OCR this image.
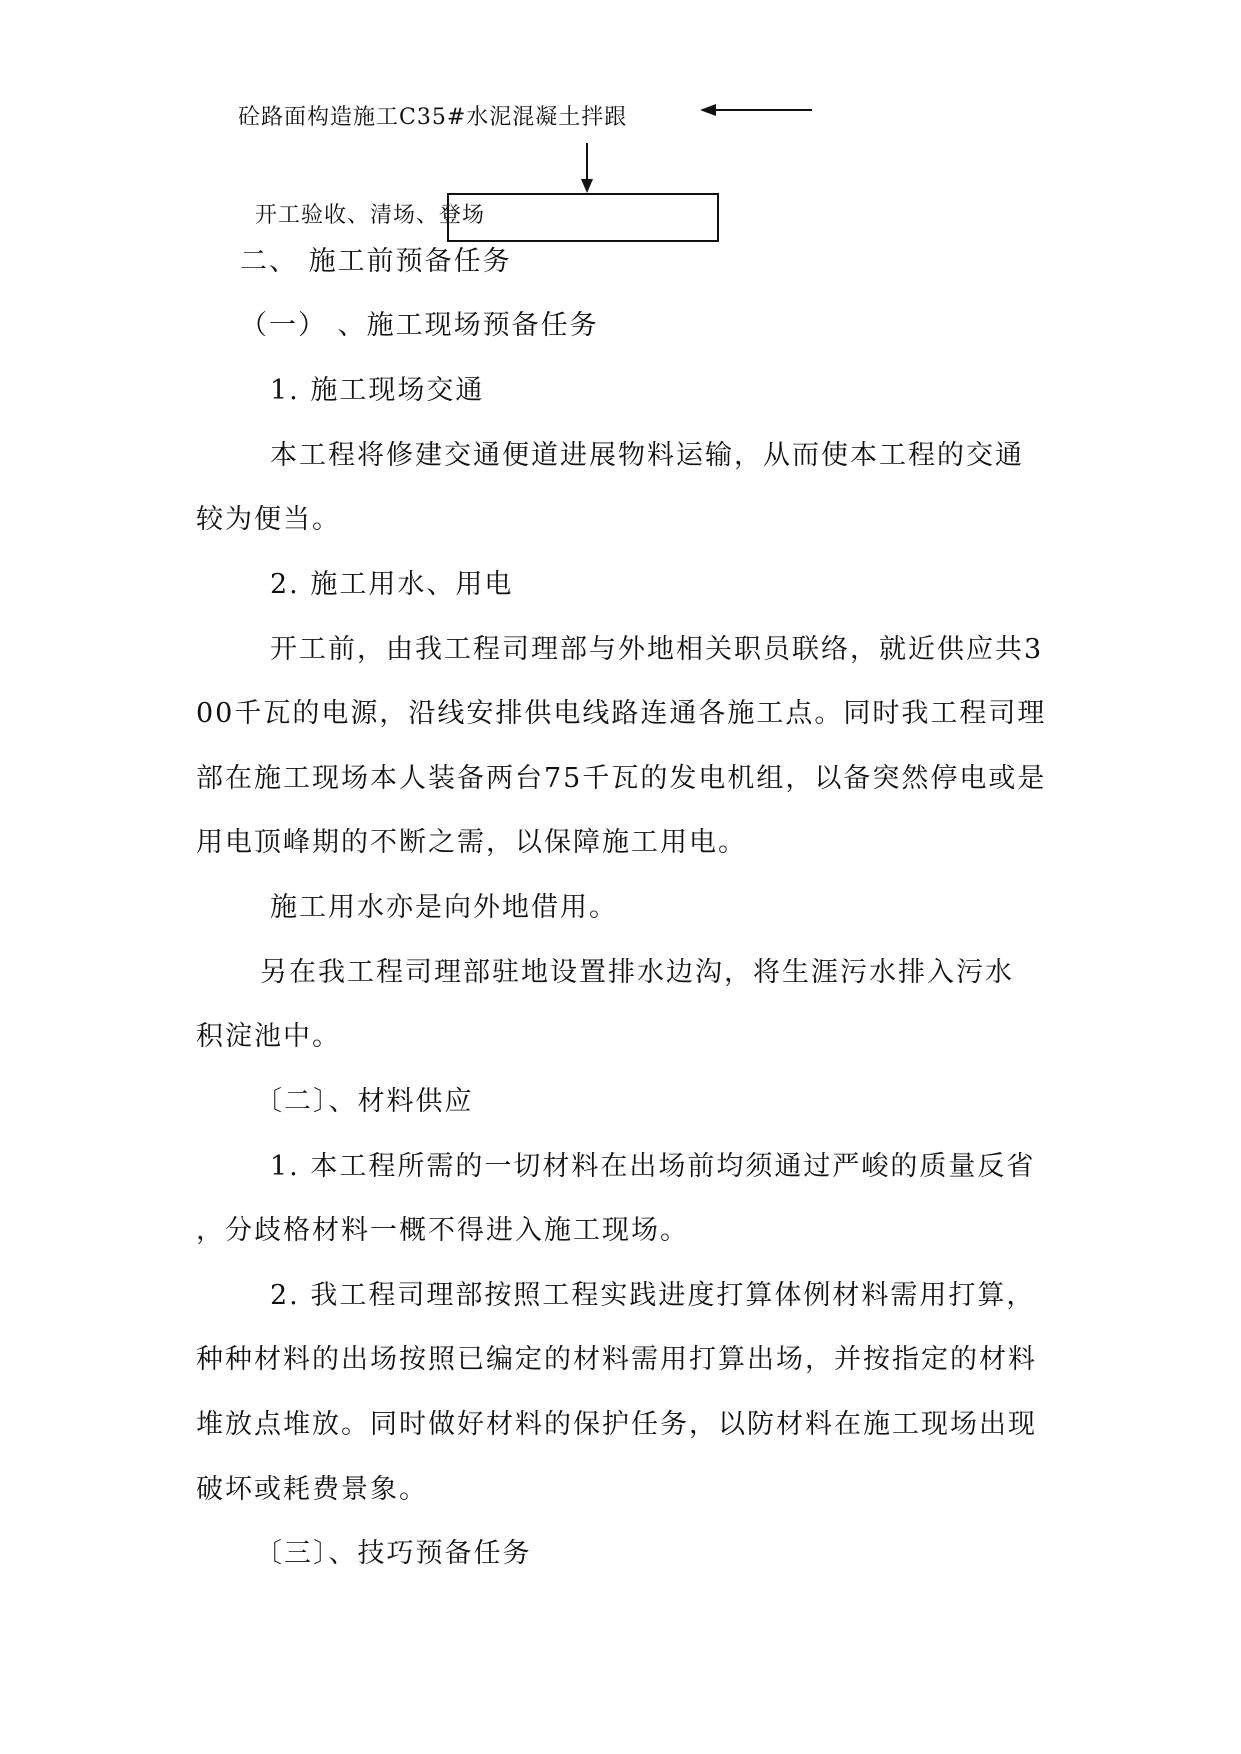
砼路面构造施工C35#水泥混凝土拌跟
开工验收、清场、登场
二、 施工前预备任务
（一） 、施工现场预备任务
1. 施工现场交通
本工程将修建交通便道进展物料运输，从而使本工程的交通
较为便当。
2. 施工用水、用电
开工前，由我工程司理部与外地相关职员联络，就近供应共3
00千瓦的电源，沿线安排供电线路连通各施工点。同时我工程司理
部在施工现场本人装备两台75千瓦的发电机组，以备突然停电或是
用电顶峰期的不断之需，以保障施工用电。
施工用水亦是向外地借用。
另在我工程司理部驻地设置排水边沟，将生涯污水排入污水
积淀池中。
〔二〕、材料供应
1. 本工程所需的一切材料在出场前均须通过严峻的质量反省
，分歧格材料一概不得进入施工现场。
2. 我工程司理部按照工程实践进度打算体例材料需用打算，
种种材料的出场按照已编定的材料需用打算出场，并按指定的材料
堆放点堆放。同时做好材料的保护任务，以防材料在施工现场出现
破坏或耗费景象。
〔三〕、技巧预备任务
